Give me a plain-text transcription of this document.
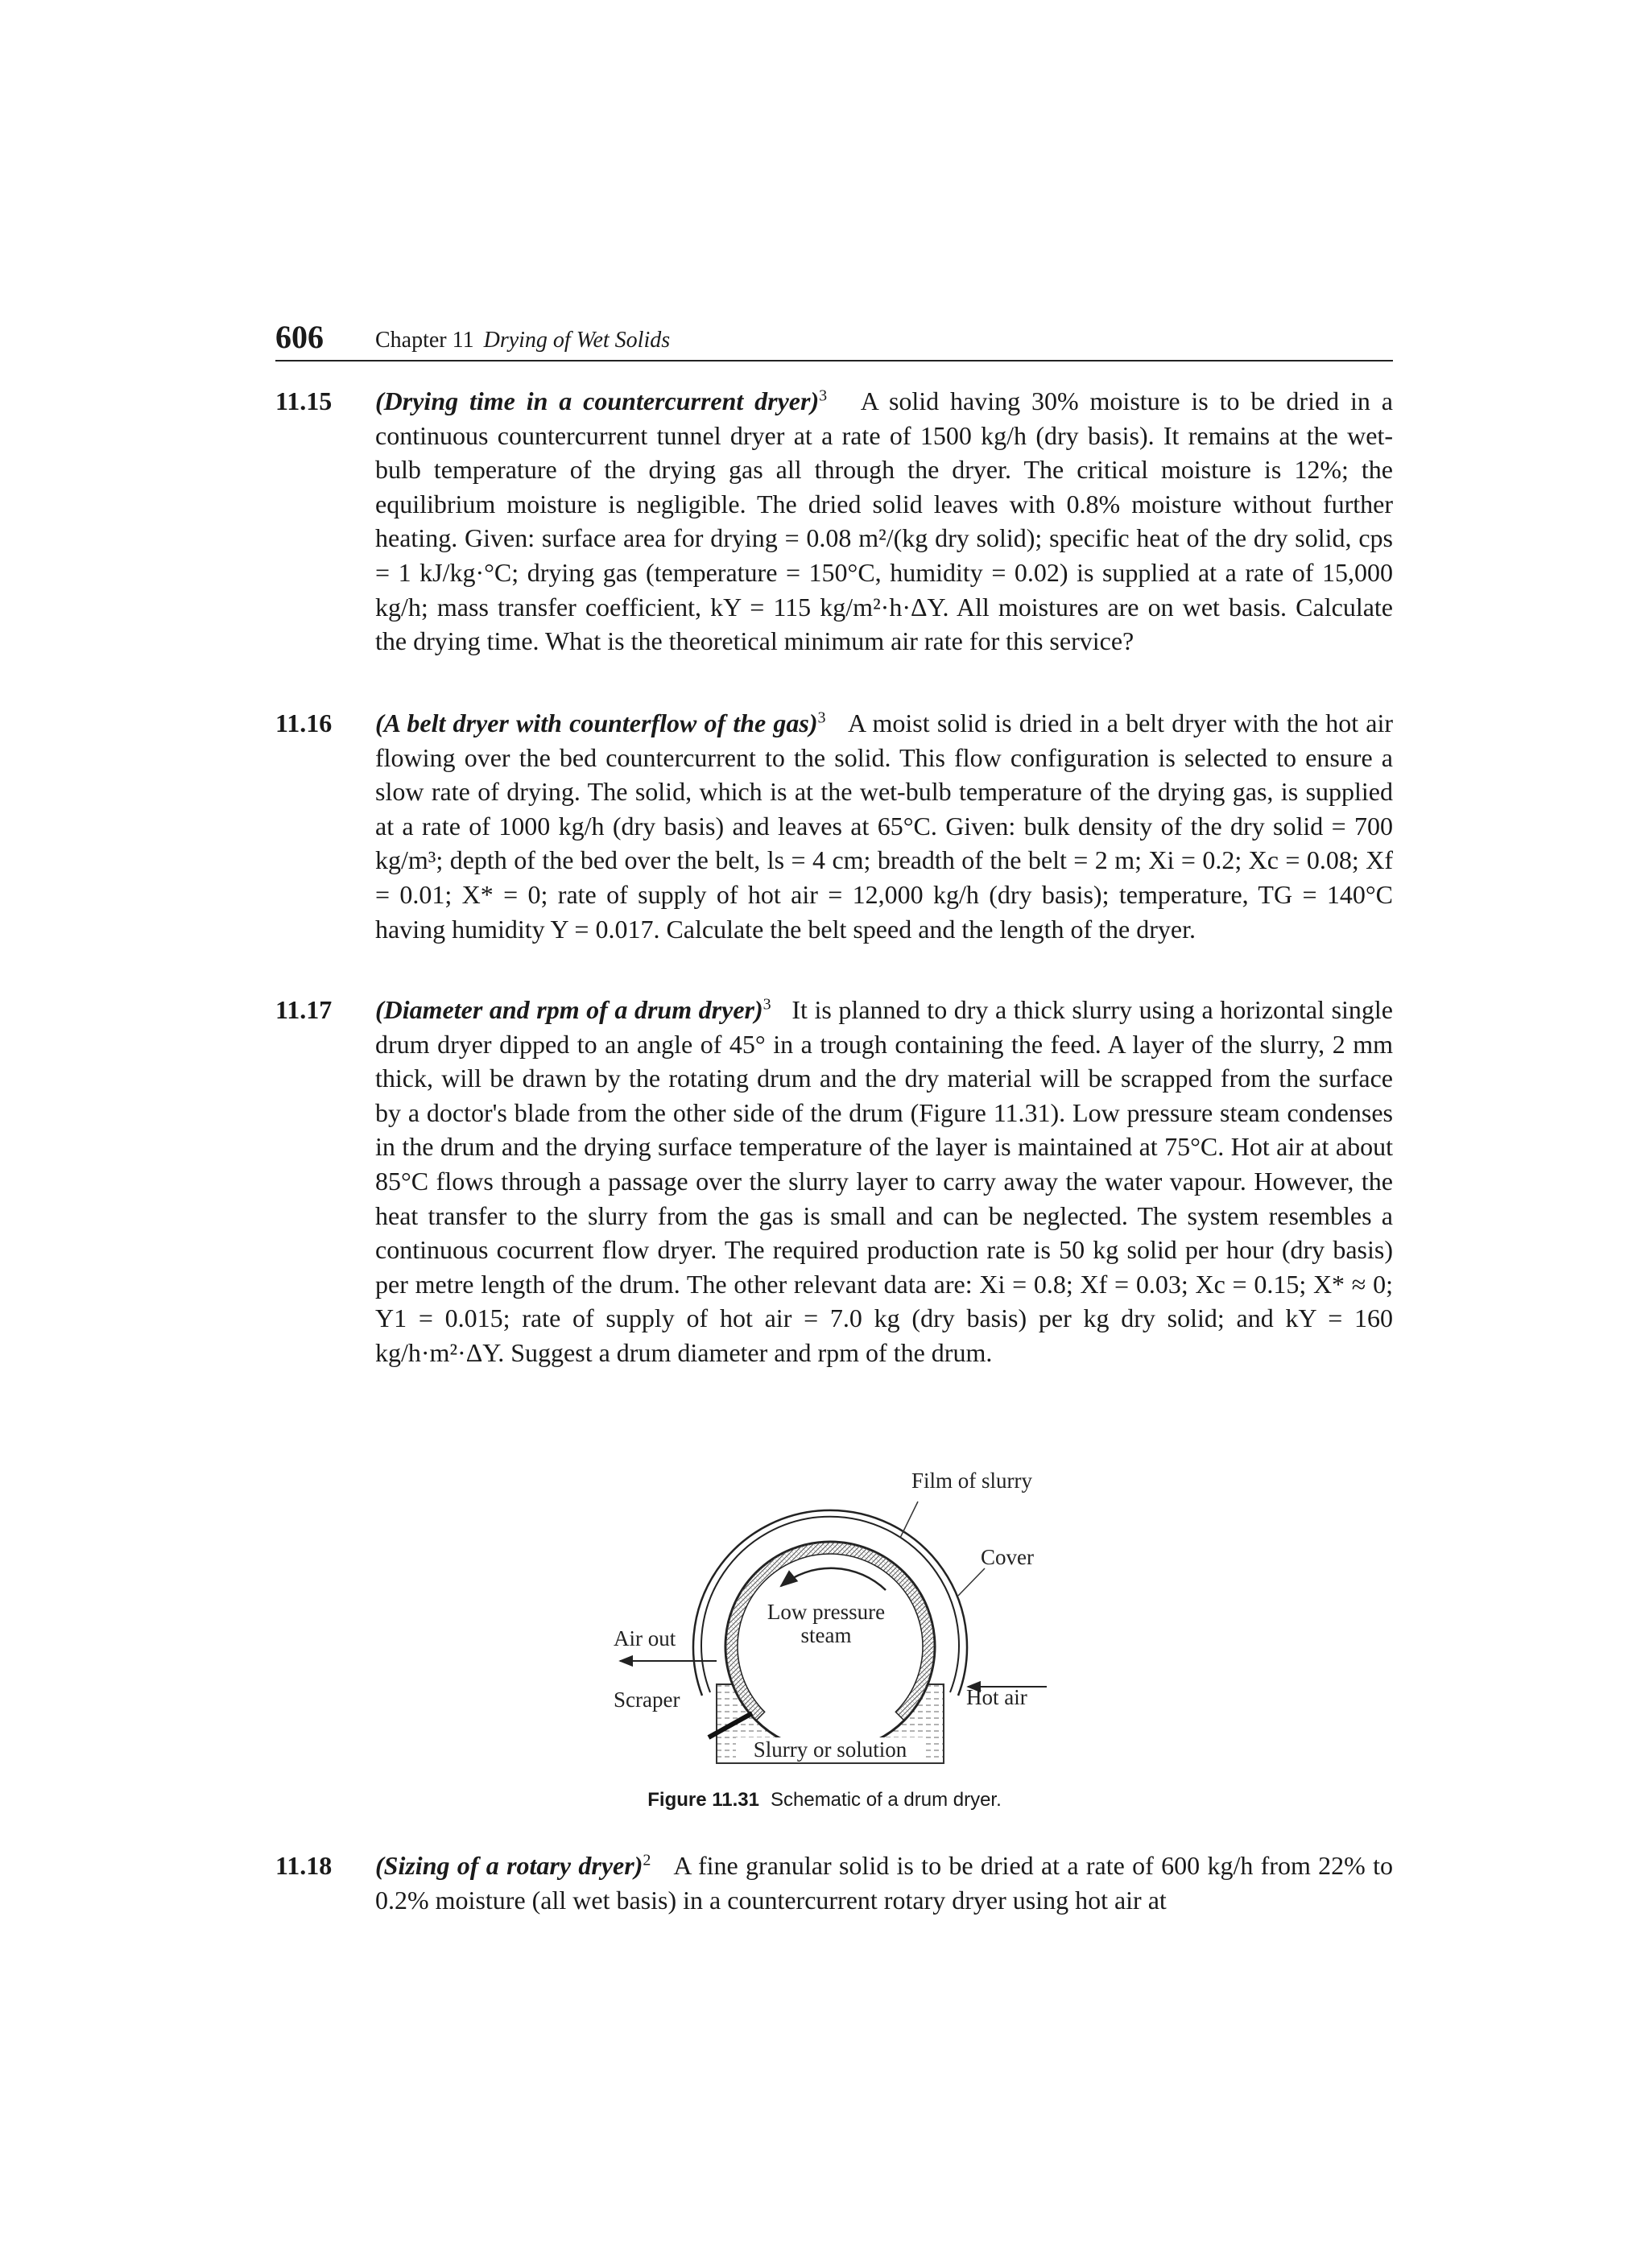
606 Chapter 11 Drying of Wet Solids
11.15 (Drying time in a countercurrent dryer)$^3$ A solid having 30% moisture is to be dried in a continuous countercurrent tunnel dryer at a rate of 1500 kg/h (dry basis). It remains at the wet-bulb temperature of the drying gas all through the dryer. The critical moisture is 12%; the equilibrium moisture is negligible. The dried solid leaves with 0.8% moisture without further heating. Given: surface area for drying = 0.08 m²/(kg dry solid); specific heat of the dry solid, cps = 1 kJ/kg·°C; drying gas (temperature = 150°C, humidity = 0.02) is supplied at a rate of 15,000 kg/h; mass transfer coefficient, kY = 115 kg/m²·h·ΔY. All moistures are on wet basis. Calculate the drying time. What is the theoretical minimum air rate for this service?
11.16 (A belt dryer with counterflow of the gas)$^3$ A moist solid is dried in a belt dryer with the hot air flowing over the bed countercurrent to the solid. This flow configuration is selected to ensure a slow rate of drying. The solid, which is at the wet-bulb temperature of the drying gas, is supplied at a rate of 1000 kg/h (dry basis) and leaves at 65°C. Given: bulk density of the dry solid = 700 kg/m³; depth of the bed over the belt, ls = 4 cm; breadth of the belt = 2 m; Xi = 0.2; Xc = 0.08; Xf = 0.01; X* = 0; rate of supply of hot air = 12,000 kg/h (dry basis); temperature, TG = 140°C having humidity Y = 0.017. Calculate the belt speed and the length of the dryer.
11.17 (Diameter and rpm of a drum dryer)$^3$ It is planned to dry a thick slurry using a horizontal single drum dryer dipped to an angle of 45° in a trough containing the feed. A layer of the slurry, 2 mm thick, will be drawn by the rotating drum and the dry material will be scrapped from the surface by a doctor's blade from the other side of the drum (Figure 11.31). Low pressure steam condenses in the drum and the drying surface temperature of the layer is maintained at 75°C. Hot air at about 85°C flows through a passage over the slurry layer to carry away the water vapour. However, the heat transfer to the slurry from the gas is small and can be neglected. The system resembles a continuous cocurrent flow dryer. The required production rate is 50 kg solid per hour (dry basis) per metre length of the drum. The other relevant data are: Xi = 0.8; Xf = 0.03; Xc = 0.15; X* ≈ 0; Y1 = 0.015; rate of supply of hot air = 7.0 kg (dry basis) per kg dry solid; and kY = 160 kg/h·m²·ΔY. Suggest a drum diameter and rpm of the drum.
Film of slurry
Cover
Low pressure
steam
Air out
Scraper	Hot air
Slurry or solution
Figure 11.31 Schematic of a drum dryer.
11.18 (Sizing of a rotary dryer)$^2$ A fine granular solid is to be dried at a rate of 600 kg/h from 22% to 0.2% moisture (all wet basis) in a countercurrent rotary dryer using hot air at
